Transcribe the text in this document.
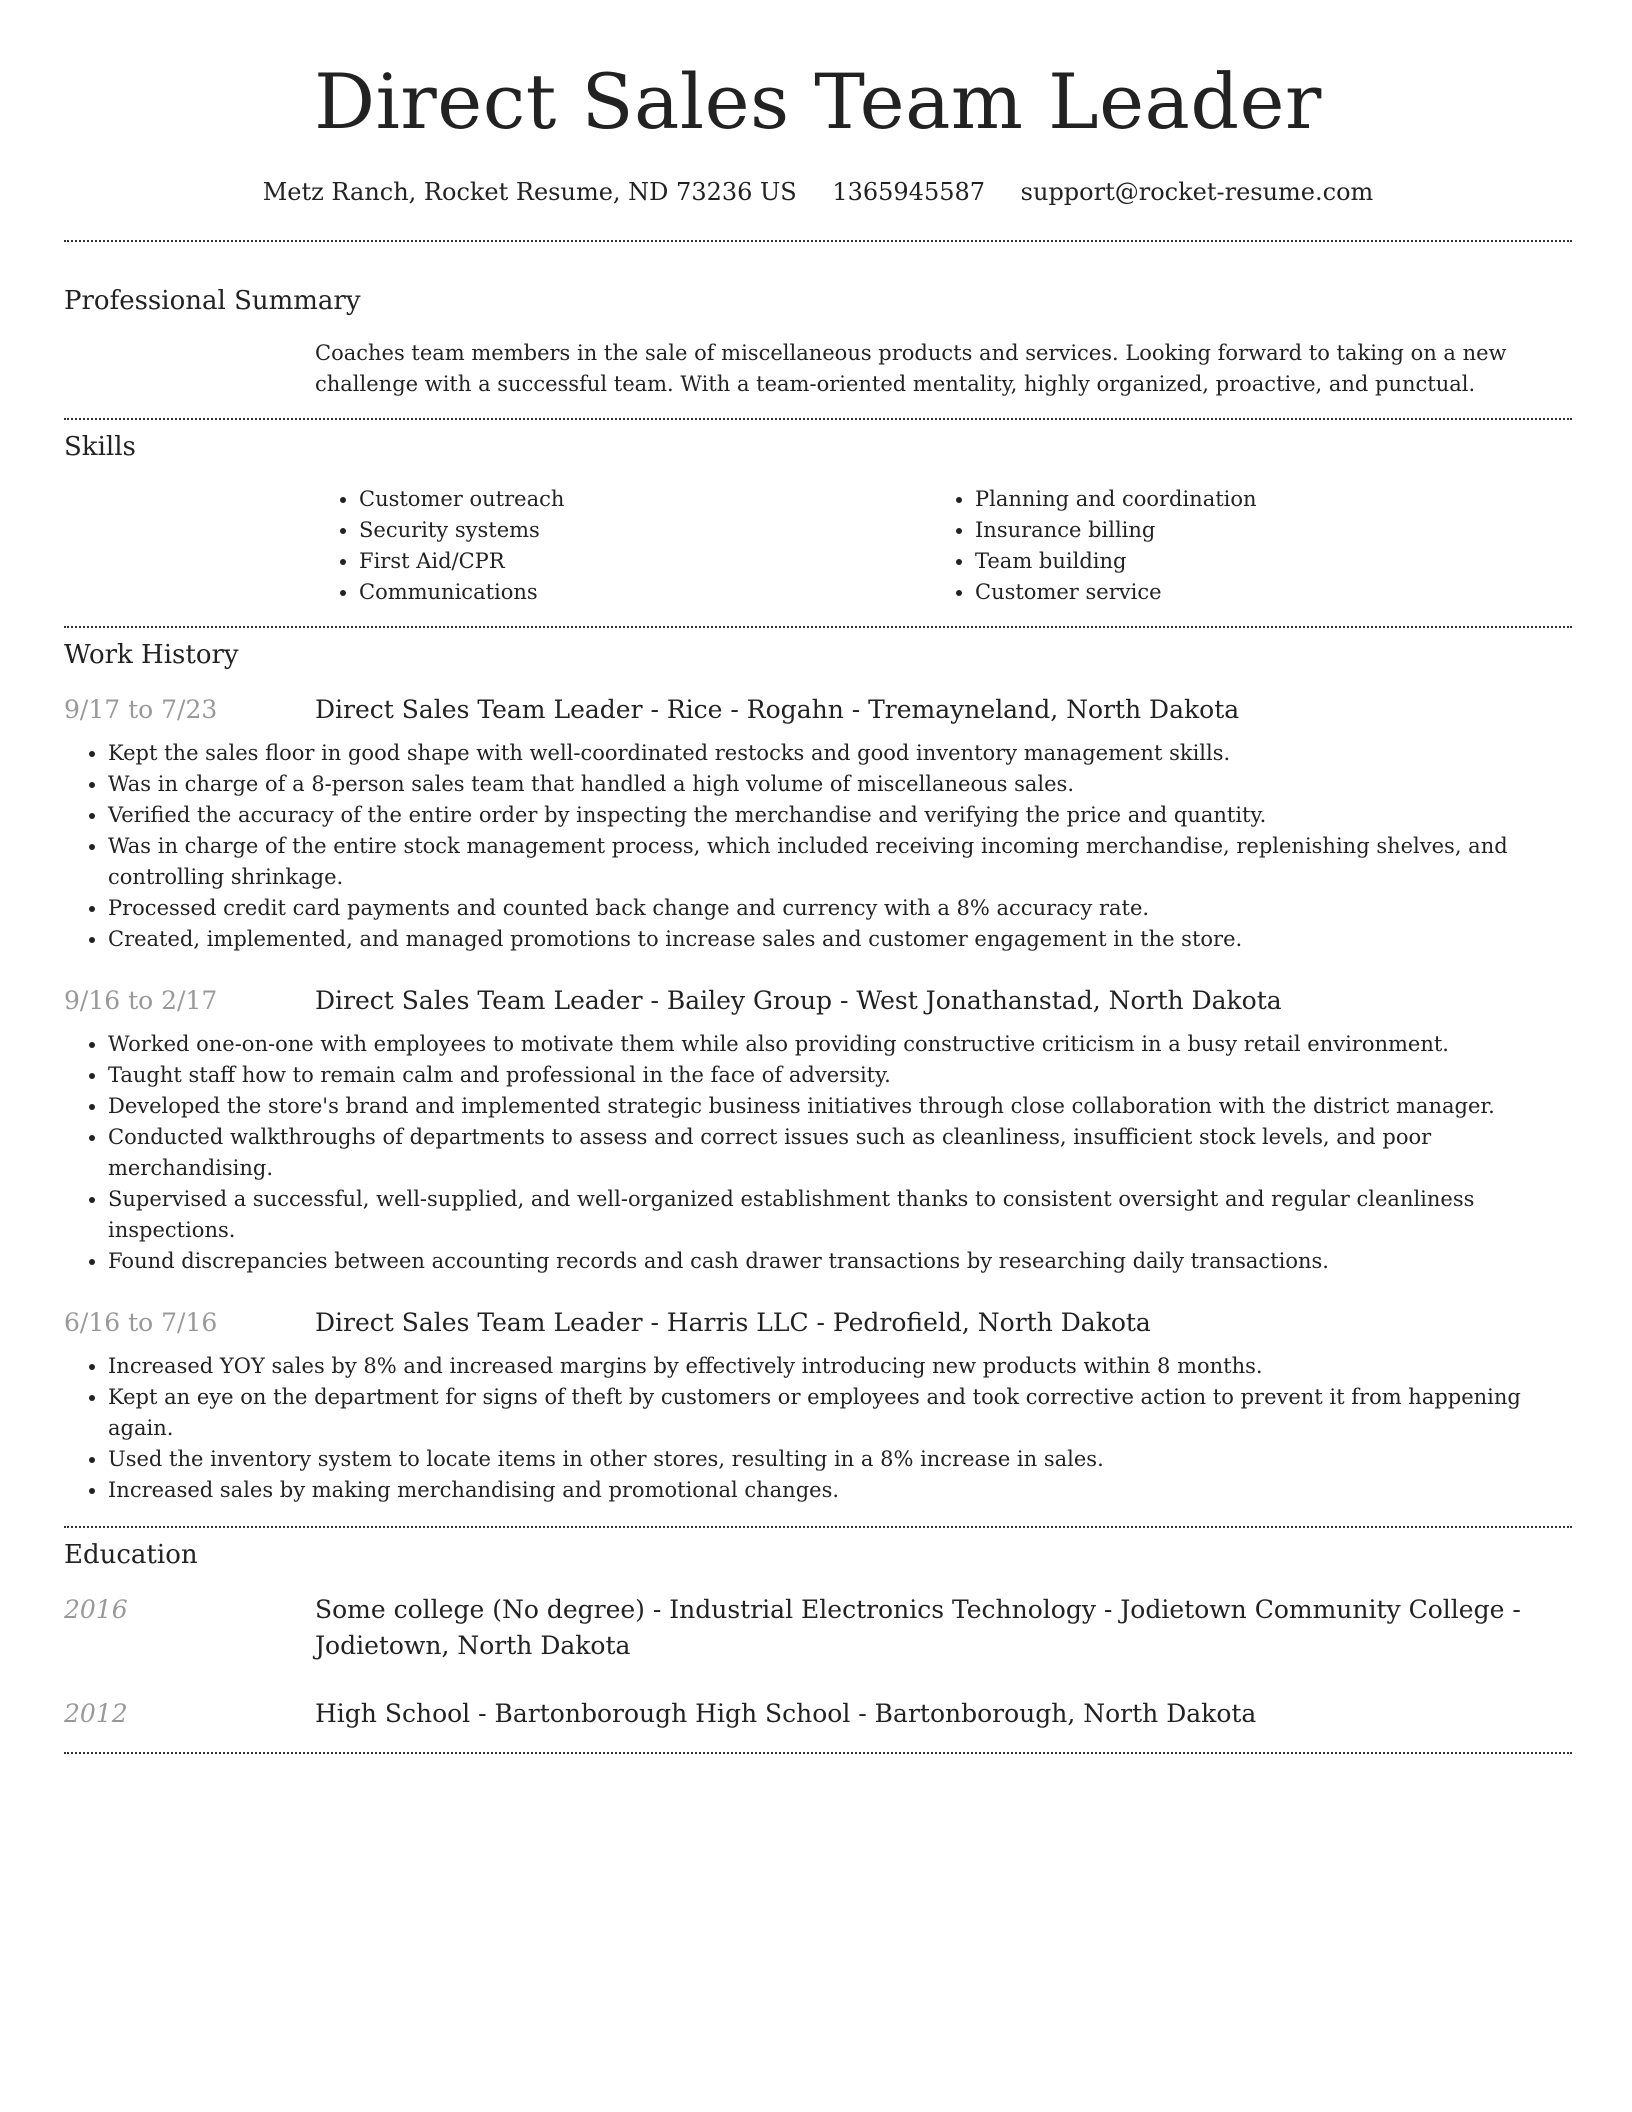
Direct Sales Team Leader
Metz Ranch, Rocket Resume, ND 73236 US 1365945587 support@rocket-resume.com
Professional Summary
Coaches team members in the sale of miscellaneous products and services. Looking forward to taking on a new challenge with a successful team. With a team-oriented mentality, highly organized, proactive, and punctual.
Skills
• Customer outreach
• Security systems
• First Aid/CPR
• Communications
• Planning and coordination
• Insurance billing
• Team building
• Customer service
Work History
9/17 to 7/23	Direct Sales Team Leader - Rice - Rogahn - Tremayneland, North Dakota
• Kept the sales floor in good shape with well-coordinated restocks and good inventory management skills.
• Was in charge of a 8-person sales team that handled a high volume of miscellaneous sales.
• Verified the accuracy of the entire order by inspecting the merchandise and verifying the price and quantity.
• Was in charge of the entire stock management process, which included receiving incoming merchandise, replenishing shelves, and controlling shrinkage.
• Processed credit card payments and counted back change and currency with a 8% accuracy rate.
• Created, implemented, and managed promotions to increase sales and customer engagement in the store.
9/16 to 2/17	Direct Sales Team Leader - Bailey Group - West Jonathanstad, North Dakota
• Worked one-on-one with employees to motivate them while also providing constructive criticism in a busy retail environment.
• Taught staff how to remain calm and professional in the face of adversity.
• Developed the store's brand and implemented strategic business initiatives through close collaboration with the district manager.
• Conducted walkthroughs of departments to assess and correct issues such as cleanliness, insufficient stock levels, and poor merchandising.
• Supervised a successful, well-supplied, and well-organized establishment thanks to consistent oversight and regular cleanliness inspections.
• Found discrepancies between accounting records and cash drawer transactions by researching daily transactions.
6/16 to 7/16	Direct Sales Team Leader - Harris LLC - Pedrofield, North Dakota
• Increased YOY sales by 8% and increased margins by effectively introducing new products within 8 months.
• Kept an eye on the department for signs of theft by customers or employees and took corrective action to prevent it from happening again.
• Used the inventory system to locate items in other stores, resulting in a 8% increase in sales.
• Increased sales by making merchandising and promotional changes.
Education
2016	Some college (No degree) - Industrial Electronics Technology - Jodietown Community College - Jodietown, North Dakota
2012	High School - Bartonborough High School - Bartonborough, North Dakota
